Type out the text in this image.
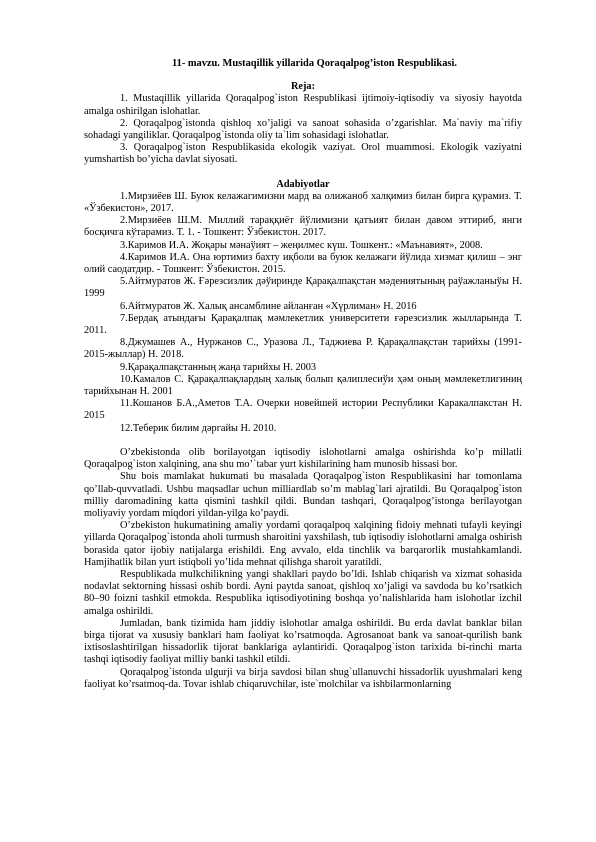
11- mavzu. Mustaqillik yillarida Qoraqalpog’iston Respublikasi.

Reja:

1. Mustaqillik yillarida Qoraqalpog`iston Respublikasi ijtimoiy-iqtisodiy va siyosiy hayotda amalga oshirilgan islohatlar.

2. Qoraqalpog`istonda qishloq xo’jaligi va sanoat sohasida o’zgarishlar. Ma`naviy ma`rifiy sohadagi yangiliklar. Qoraqalpog`istonda oliy ta`lim sohasidagi islohatlar.

3. Qoraqalpog`iston Respublikasida ekologik vaziyat. Orol muammosi. Ekologik vaziyatni yumshartish bo’yicha davlat siyosati.

Adabiyotlar

1.Мирзиёев Ш. Буюк келажагимизни мард ва олижаноб халқимиз билан бирга қурамиз. Т. «Ўзбекистон», 2017.

2.Мирзиёев Ш.М. Миллий тараққиёт йўлимизни қатъият билан давом эттириб, янги босқичга кўтарамиз. Т. 1. - Тошкент: Ўзбекистон. 2017.

3.Каримов И.А. Жоқары мәнаўият – жеңилмес күш. Тошкент.: «Маънавият», 2008.

4.Каримов И.А. Она юртимиз бахту иқболи ва буюк келажаги йўлида хизмат қилиш – энг олий саодатдир. - Тошкент: Ўзбекистон. 2015.

5.Айтмуратов Ж. Ғәрезсизлик дәўиринде Қарақалпақстан мәдениятының раўажланыўы Н. 1999

6.Айтмуратов Ж. Халық ансамблине айланған «Хүрлиман» Н. 2016

7.Бердақ атындағы Қарақалпақ мәмлекетлик университети ғәрезсизлик жылларында Т. 2011.

8.Джумашев А., Нуржанов С., Уразова Л., Таджиева Р. Қарақалпақстан тарийхы (1991-2015-жыллар) Н. 2018.

9.Қарақалпақстанның жаңа тарийхы Н. 2003

10.Камалов С. Қарақалпақлардың халық болып қәлиплесиўи ҳәм оның мәмлекетлигиниң тарийхынан Н. 2001

11.Кошанов Б.А.,Аметов Т.А. Очерки новейшей истории Республики Каракалпакстан Н. 2015

12.Теберик билим дәргайы Н. 2010.

O’zbekistonda olib borilayotgan iqtisodiy islohotlarni amalga oshirishda ko’p millatli Qoraqalpog`iston xalqining, ana shu mo’`tabar yurt kishilarining ham munosib hissasi bor.

Shu bois mamlakat hukumati bu masalada Qoraqalpog`iston Respublikasini har tomonlama qo’llab-quvvatladi. Ushbu maqsadlar uchun milliardlab so’m mablag`lari ajratildi. Bu Qoraqalpog`iston milliy daromadining katta qismini tashkil qildi. Bundan tashqari, Qoraqalpog’istonga berilayotgan moliyaviy yordam miqdori yildan-yilga ko’paydi.

O’zbekiston hukumatining amaliy yordami qoraqalpoq xalqining fidoiy mehnati tufayli keyingi yillarda Qoraqalpog`istonda aholi turmush sharoitini yaxshilash, tub iqtisodiy islohotlarni amalga oshirish borasida qator ijobiy natijalarga erishildi. Eng avvalo, elda tinchlik va barqarorlik mustahkamlandi. Hamjihatlik bilan yurt istiqboli yo’lida mehnat qilishga sharoit yaratildi.

Respublikada mulkchilikning yangi shakllari paydo bo’ldi. Ishlab chiqarish va xizmat sohasida nodavlat sektorning hissasi oshib bordi. Ayni paytda sanoat, qishloq xo’jaligi va savdoda bu ko’rsatkich 80–90 foizni tashkil etmokda. Respublika iqtisodiyotining boshqa yo’nalishlarida ham islohotlar izchil amalga oshirildi.

Jumladan, bank tizimida ham jiddiy islohotlar amalga oshirildi. Bu erda davlat banklar bilan birga tijorat va xususiy banklari ham faoliyat ko’rsatmoqda. Agrosanoat bank va sanoat-qurilish bank ixtisoslashtirilgan hissadorlik tijorat banklariga aylantiridi. Qoraqalpog`iston tarixida bi-rinchi marta tashqi iqtisodiy faoliyat milliy banki tashkil etildi.

Qoraqalpog`istonda ulgurji va birja savdosi bilan shug`ullanuvchi hissadorlik uyushmalari keng faoliyat ko’rsatmoq-da. Tovar ishlab chiqaruvchilar, iste`molchilar va ishbilarmonlarning
